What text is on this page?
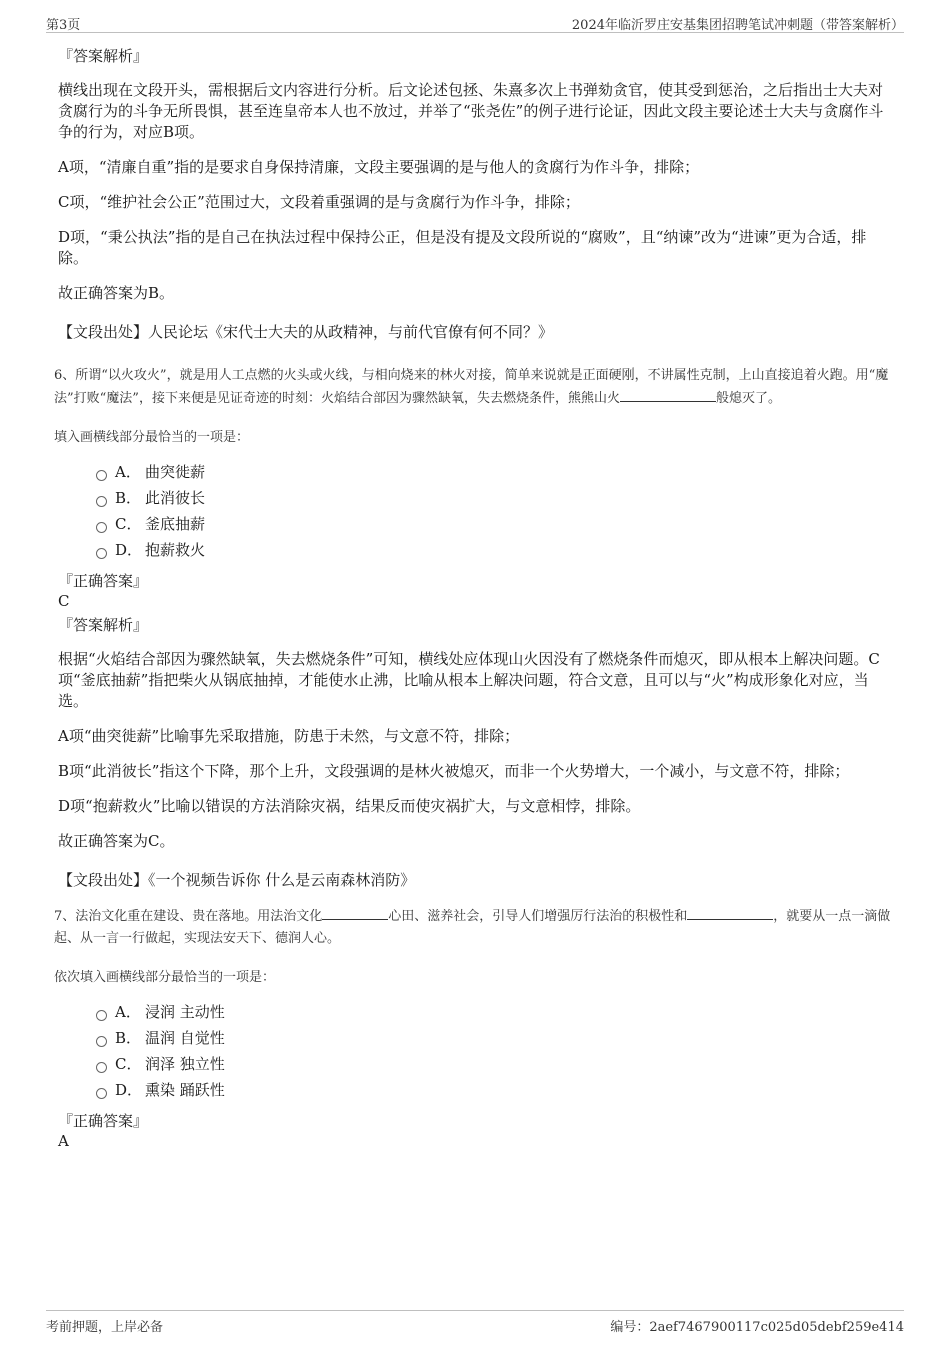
第3页	2024年临沂罗庄安基集团招聘笔试冲刺题（带答案解析）
『答案解析』

横线出现在文段开头，需根据后文内容进行分析。后文论述包拯、朱熹多次上书弹劾贪官，使其受到惩治，之后指出士大夫对贪腐行为的斗争无所畏惧，甚至连皇帝本人也不放过，并举了“张尧佐”的例子进行论证，因此文段主要论述士大夫与贪腐作斗争的行为，对应B项。

A项，“清廉自重”指的是要求自身保持清廉，文段主要强调的是与他人的贪腐行为作斗争，排除；

C项，“维护社会公正”范围过大，文段着重强调的是与贪腐行为作斗争，排除；

D项，“秉公执法”指的是自己在执法过程中保持公正，但是没有提及文段所说的“腐败”，且“纳谏”改为“进谏”更为合适，排除。

故正确答案为B。

【文段出处】人民论坛《宋代士大夫的从政精神，与前代官僚有何不同？》

6、所谓“以火攻火”，就是用人工点燃的火头或火线，与相向烧来的林火对接，简单来说就是正面硬刚，不讲属性克制，上山直接追着火跑。用“魔法”打败“魔法”，接下来便是见证奇迹的时刻：火焰结合部因为骤然缺氧，失去燃烧条件，熊熊山火	般熄灭了。

填入画横线部分最恰当的一项是：

A． 曲突徙薪
B． 此消彼长
C． 釜底抽薪
D． 抱薪救火
『正确答案』
C
『答案解析』

根据“火焰结合部因为骤然缺氧，失去燃烧条件”可知，横线处应体现山火因没有了燃烧条件而熄灭，即从根本上解决问题。C项“釜底抽薪”指把柴火从锅底抽掉，才能使水止沸，比喻从根本上解决问题，符合文意，且可以与“火”构成形象化对应，当选。

A项“曲突徙薪”比喻事先采取措施，防患于未然，与文意不符，排除；

B项“此消彼长”指这个下降，那个上升，文段强调的是林火被熄灭，而非一个火势增大，一个减小，与文意不符，排除；

D项“抱薪救火”比喻以错误的方法消除灾祸，结果反而使灾祸扩大，与文意相悖，排除。

故正确答案为C。

【文段出处】《一个视频告诉你 什么是云南森林消防》

7、法治文化重在建设、贵在落地。用法治文化	心田、滋养社会，引导人们增强厉行法治的积极性和	，就要从一点一滴做起、从一言一行做起，实现法安天下、德润人心。

依次填入画横线部分最恰当的一项是：

A． 浸润 主动性
B． 温润 自觉性
C． 润泽 独立性
D． 熏染 踊跃性
『正确答案』
A
考前押题，上岸必备	编号：2aef7467900117c025d05debf259e414
